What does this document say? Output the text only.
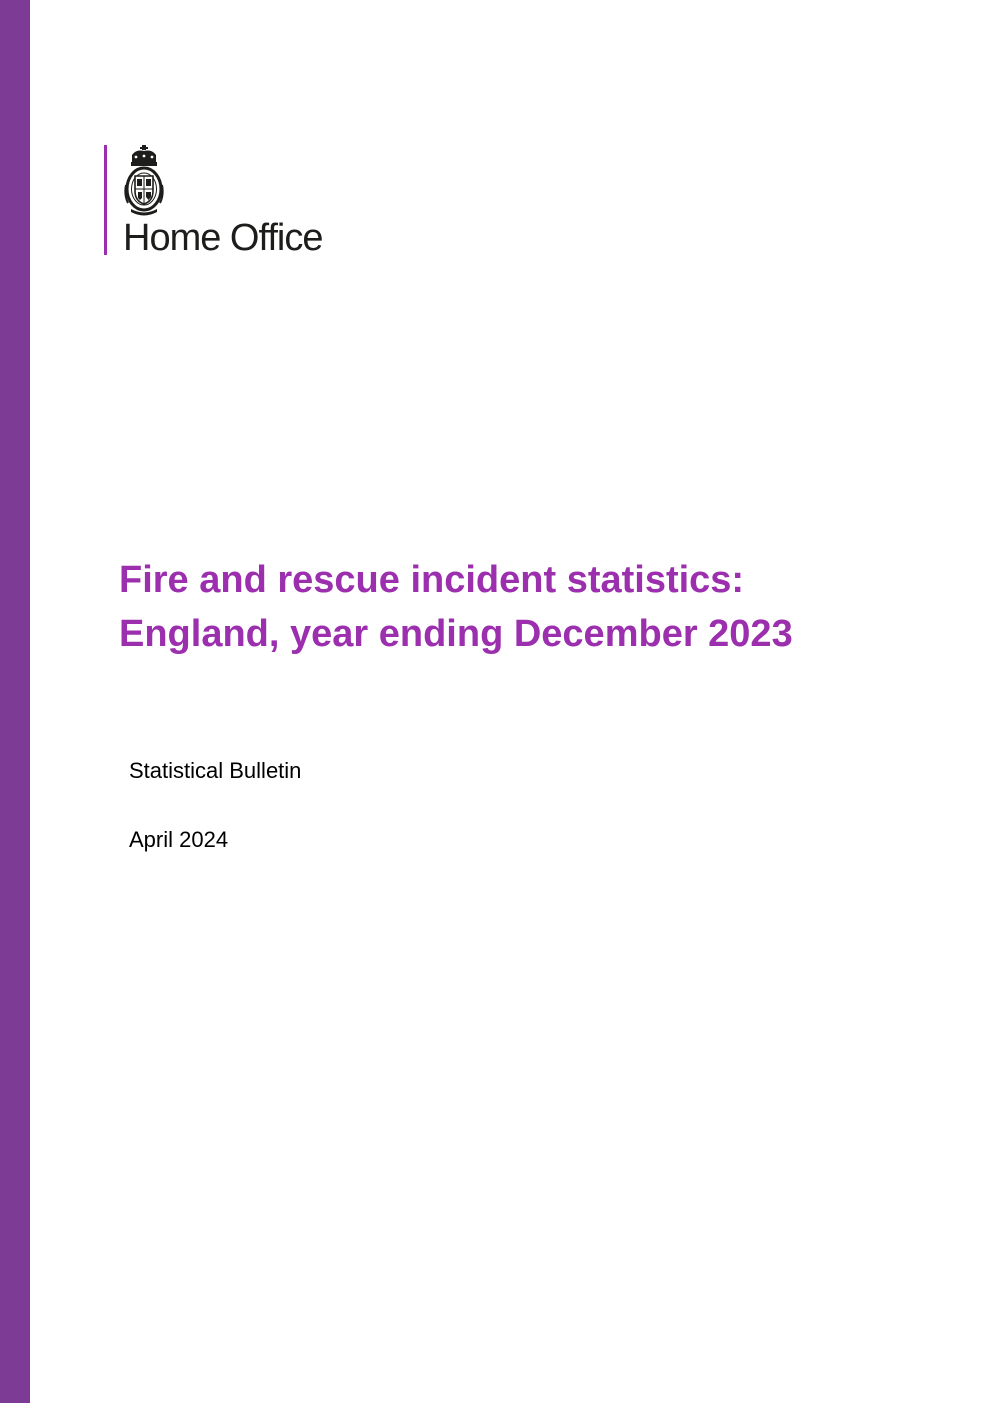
Home Office
Fire and rescue incident statistics:
England, year ending December 2023
Statistical Bulletin
April 2024
